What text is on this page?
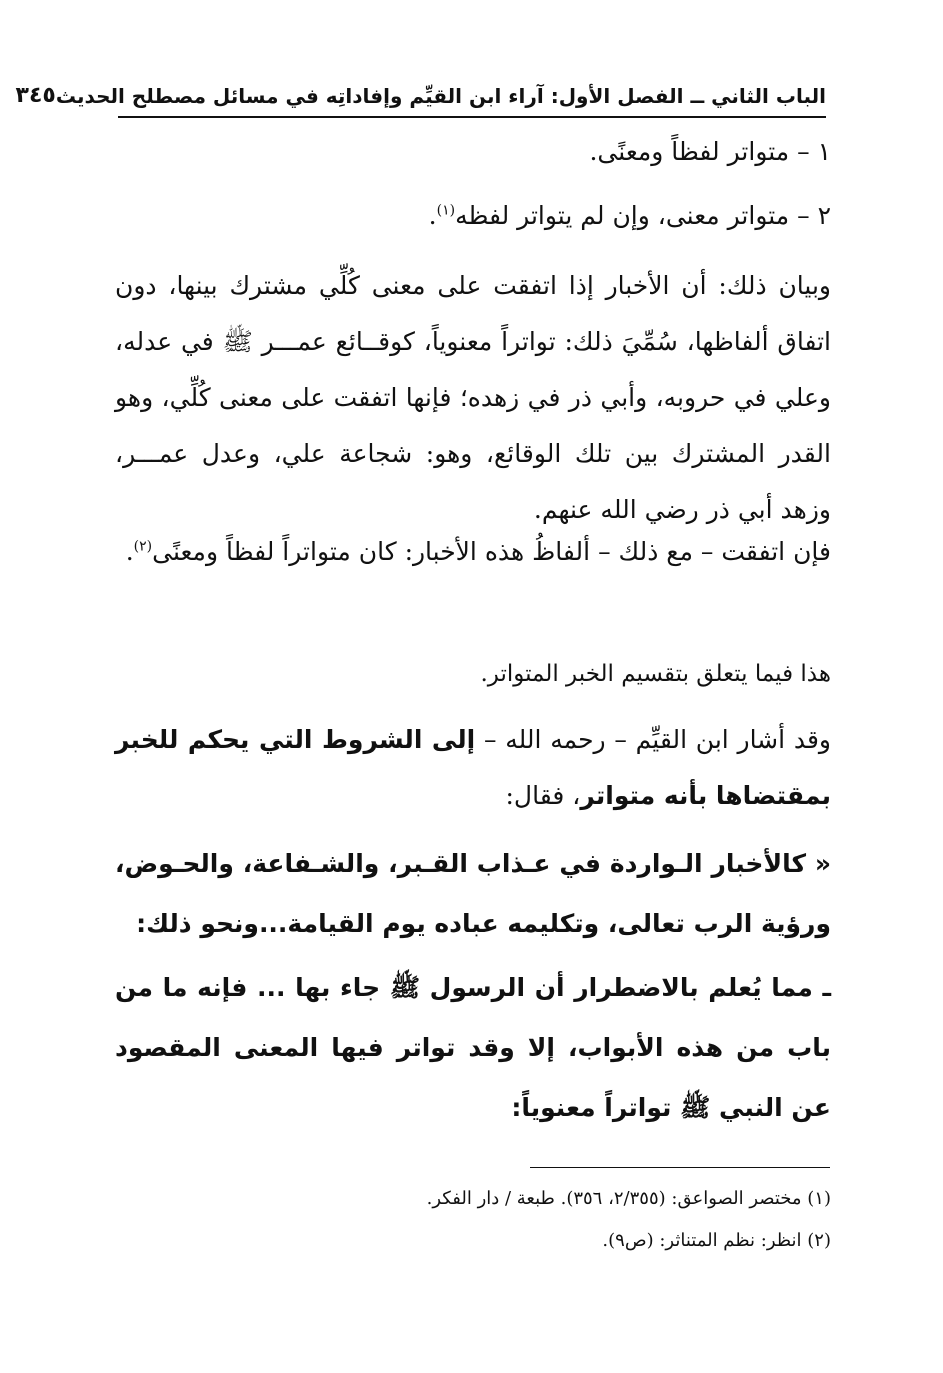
الباب الثاني ــ الفصل الأول: آراء ابن القيِّم وإفاداتِه في مسائل مصطلح الحديث
٣٤٥
١ – متواتر لفظاً ومعنًى.
٢ – متواتر معنى، وإن لم يتواتر لفظه$^{(١)}$.
وبيان ذلك: أن الأخبار إذا اتفقت على معنى كُلِّي مشترك بينها، دون اتفاق ألفاظها، سُمِّيَ ذلك: تواتراً معنوياً، كوقــائع عمـــر ﷺ في عدله، وعلي في حروبه، وأبي ذر في زهده؛ فإنها اتفقت على معنى كُلِّي، وهو القدر المشترك بين تلك الوقائع، وهو: شجاعة علي، وعدل عمـــر، وزهد أبي ذر رضي الله عنهم.
فإن اتفقت – مع ذلك – ألفاظُ هذه الأخبار: كان متواتراً لفظاً ومعنًى$^{(٢)}$.
هذا فيما يتعلق بتقسيم الخبر المتواتر.
وقد أشار ابن القيِّم – رحمه الله – إلى الشروط التي يحكم للخبر بمقتضاها بأنه متواتر، فقال:
« كالأخبار الـواردة في عـذاب القـبر، والشـفاعة، والحـوض، ورؤية الرب تعالى، وتكليمه عباده يوم القيامة...ونحو ذلك:
ـ مما يُعلم بالاضطرار أن الرسول ﷺ جاء بها ... فإنه ما من باب من هذه الأبواب، إلا وقد تواتر فيها المعنى المقصود عن النبي ﷺ تواتراً معنوياً:
(١) مختصر الصواعق: (٢/٣٥٥، ٣٥٦). طبعة / دار الفكر.
(٢) انظر: نظم المتناثر: (ص٩).
